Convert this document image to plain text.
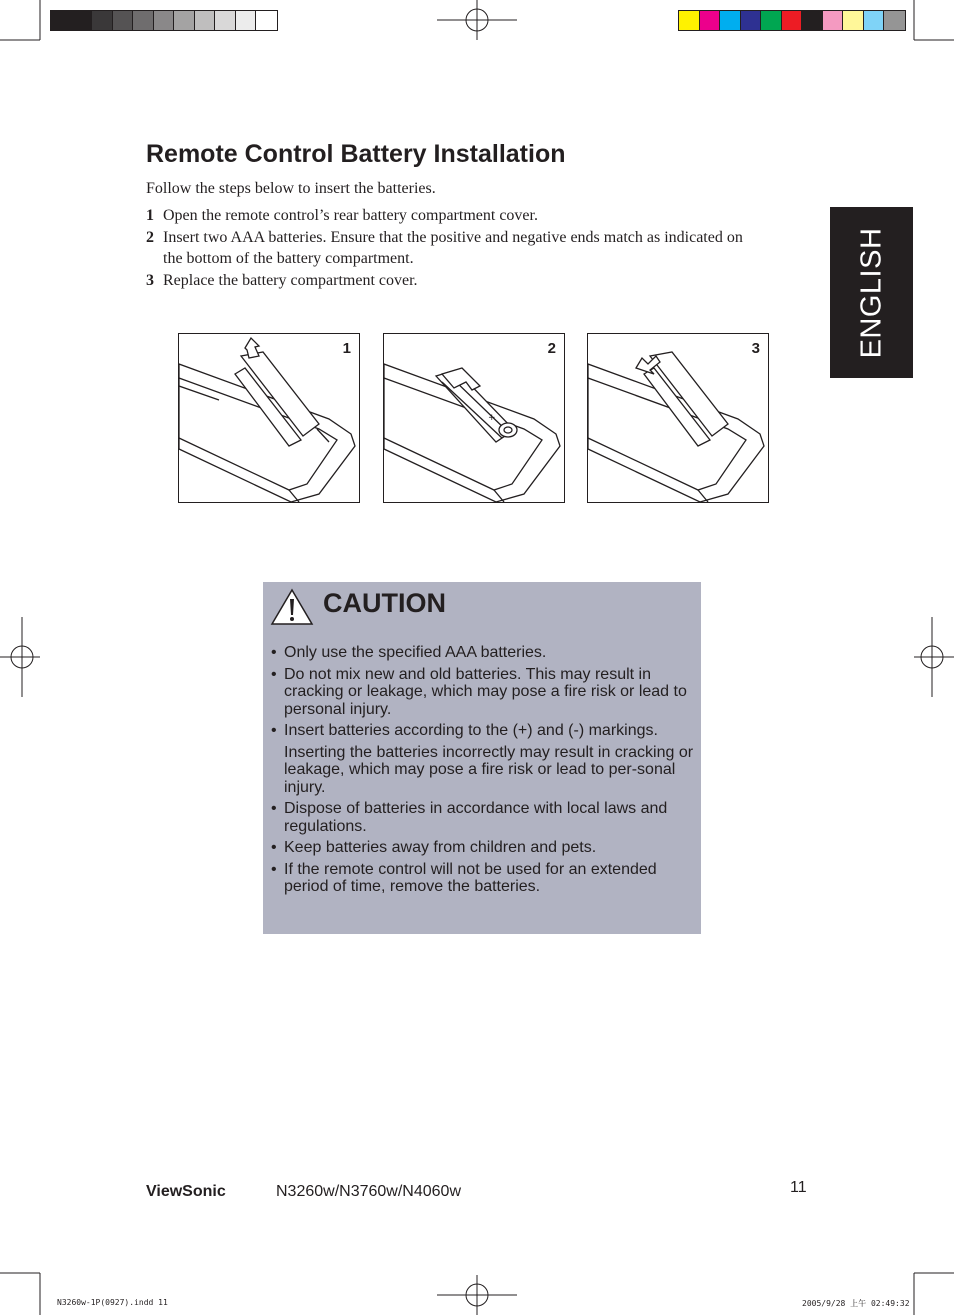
ENGLISH
Remote Control Battery Installation

Follow the steps below to insert the batteries.

1 Open the remote control’s rear battery compartment cover.
2 Insert two AAA batteries. Ensure that the positive and negative ends match as indicated on the bottom of the battery compartment.
3 Replace the battery compartment cover.
1
+
2	3
CAUTION
• Only use the specified AAA batteries.
• Do not mix new and old batteries. This may result in cracking or leakage, which may pose a fire risk or lead to personal injury.
• Insert batteries according to the (+) and (-) markings.
Inserting the batteries incorrectly may result in cracking or leakage, which may pose a fire risk or lead to per-sonal injury.
• Dispose of batteries in accordance with local laws and regulations.
• Keep batteries away from children and pets.
• If the remote control will not be used for an extended period of time, remove the batteries.
ViewSonic	N3260w/N3760w/N4060w	11
N3260w-1P(0927).indd 11	2005/9/28 上午 02:49:32
